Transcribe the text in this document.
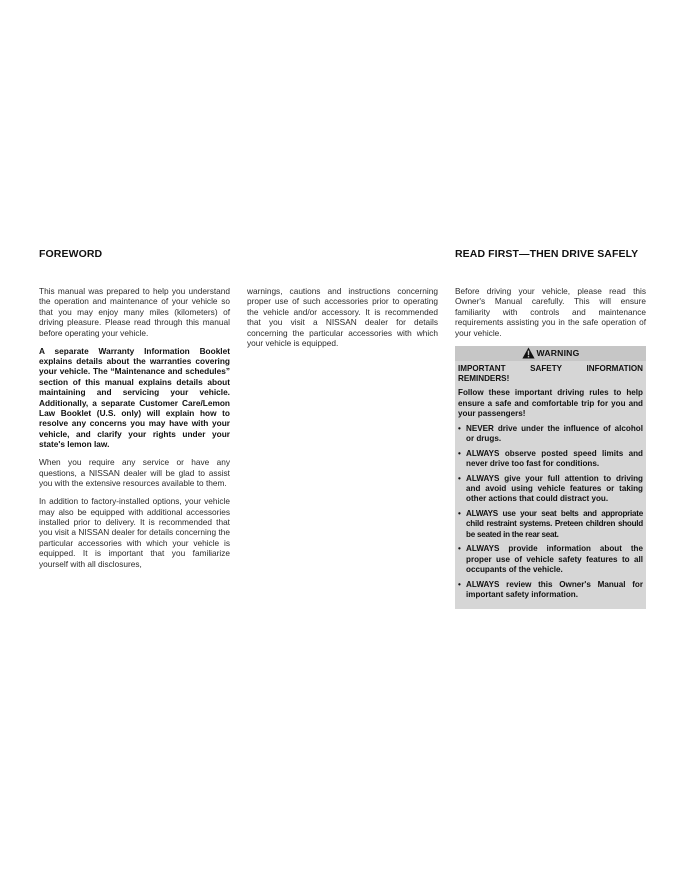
FOREWORD	READ FIRST—THEN DRIVE SAFELY

This manual was prepared to help you understand the operation and maintenance of your vehicle so that you may enjoy many miles (kilometers) of driving pleasure. Please read through this manual before operating your vehicle.

A separate Warranty Information Booklet explains details about the warranties covering your vehicle. The “Maintenance and schedules” section of this manual explains details about maintaining and servicing your vehicle. Additionally, a separate Customer Care/Lemon Law Booklet (U.S. only) will explain how to resolve any concerns you may have with your vehicle, and clarify your rights under your state's lemon law.

When you require any service or have any questions, a NISSAN dealer will be glad to assist you with the extensive resources available to them.

In addition to factory-installed options, your vehicle may also be equipped with additional accessories installed prior to delivery. It is recommended that you visit a NISSAN dealer for details concerning the particular accessories with which your vehicle is equipped. It is important that you familiarize yourself with all disclosures,

warnings, cautions and instructions concerning proper use of such accessories prior to operating the vehicle and/or accessory. It is recommended that you visit a NISSAN dealer for details concerning the particular accessories with which your vehicle is equipped.

Before driving your vehicle, please read this Owner's Manual carefully. This will ensure familiarity with controls and maintenance requirements assisting you in the safe operation of your vehicle.

WARNING

IMPORTANT SAFETY INFORMATION REMINDERS!

Follow these important driving rules to help ensure a safe and comfortable trip for you and your passengers!

• NEVER drive under the influence of alcohol or drugs.
• ALWAYS observe posted speed limits and never drive too fast for conditions.
• ALWAYS give your full attention to driving and avoid using vehicle features or taking other actions that could distract you.
• ALWAYS use your seat belts and appropriate child restraint systems. Preteen children should be seated in the rear seat.
• ALWAYS provide information about the proper use of vehicle safety features to all occupants of the vehicle.
• ALWAYS review this Owner's Manual for important safety information.
